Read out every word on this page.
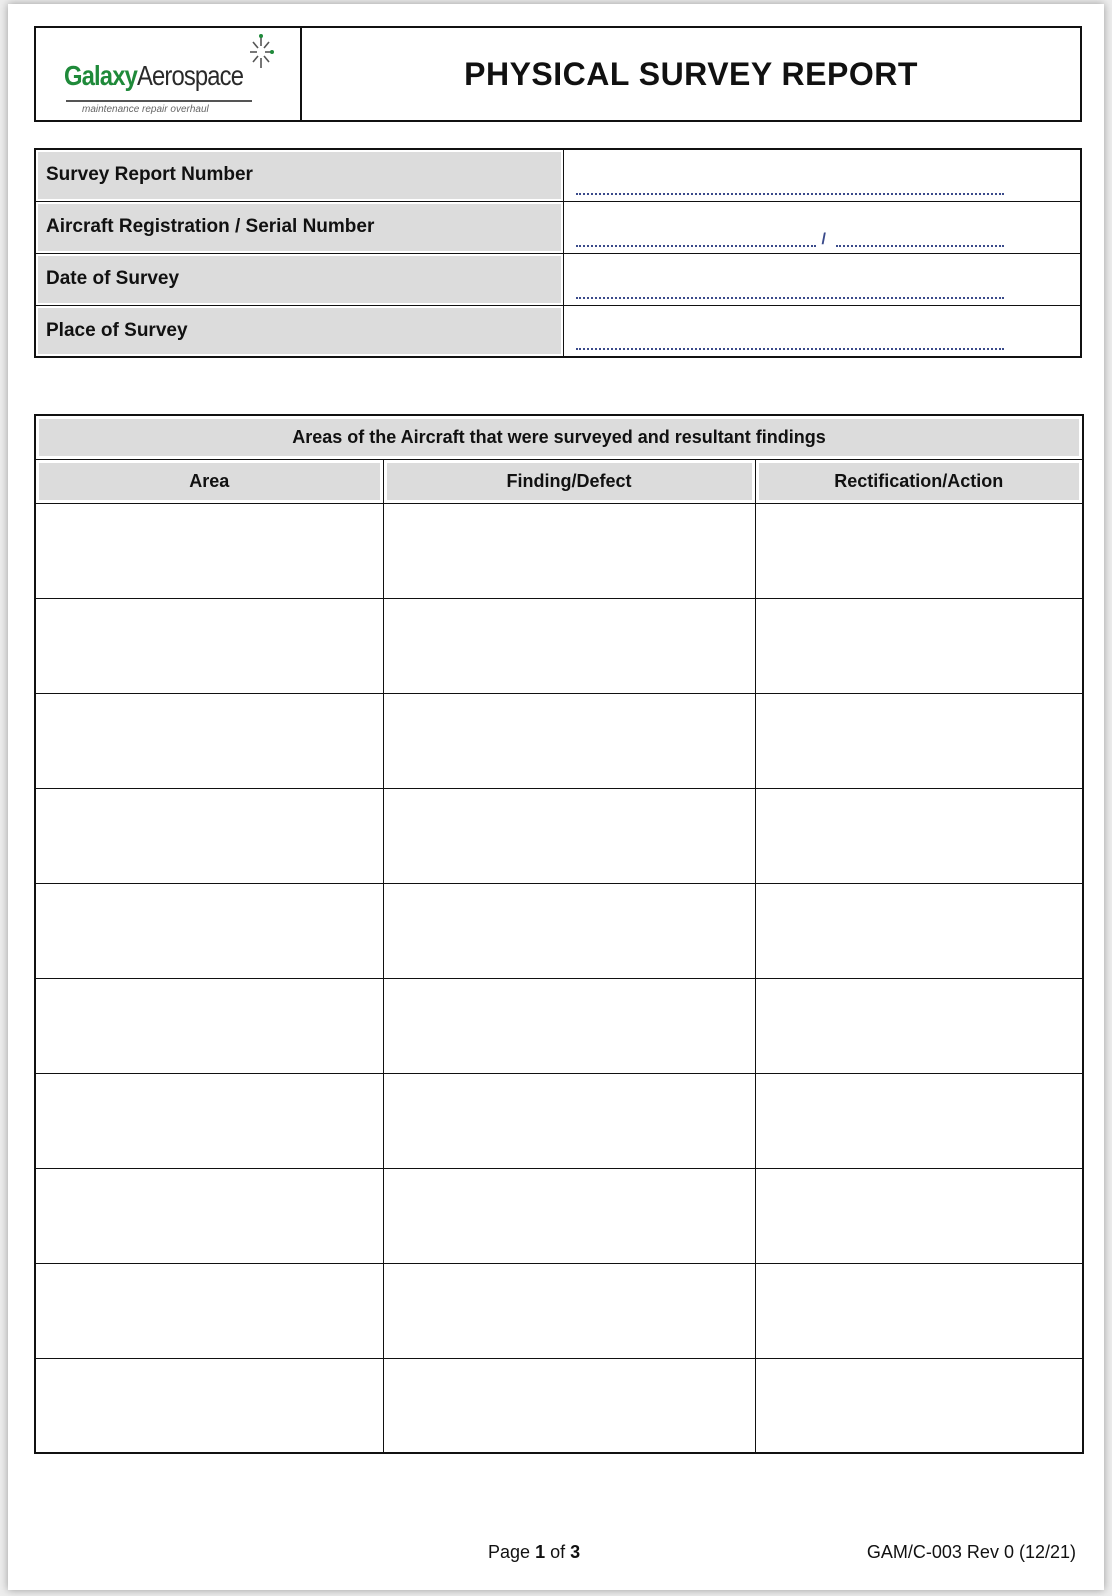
GalaxyAerospace
maintenance repair overhaul
PHYSICAL SURVEY REPORT
Survey Report Number	

Aircraft Registration / Serial Number	/

Date of Survey	

Place of Survey	
Areas of the Aircraft that were surveyed and resultant findings		
Area	Finding/Defect	Rectification/Action

Page 1 of 3	GAM/C-003 Rev 0 (12/21)
